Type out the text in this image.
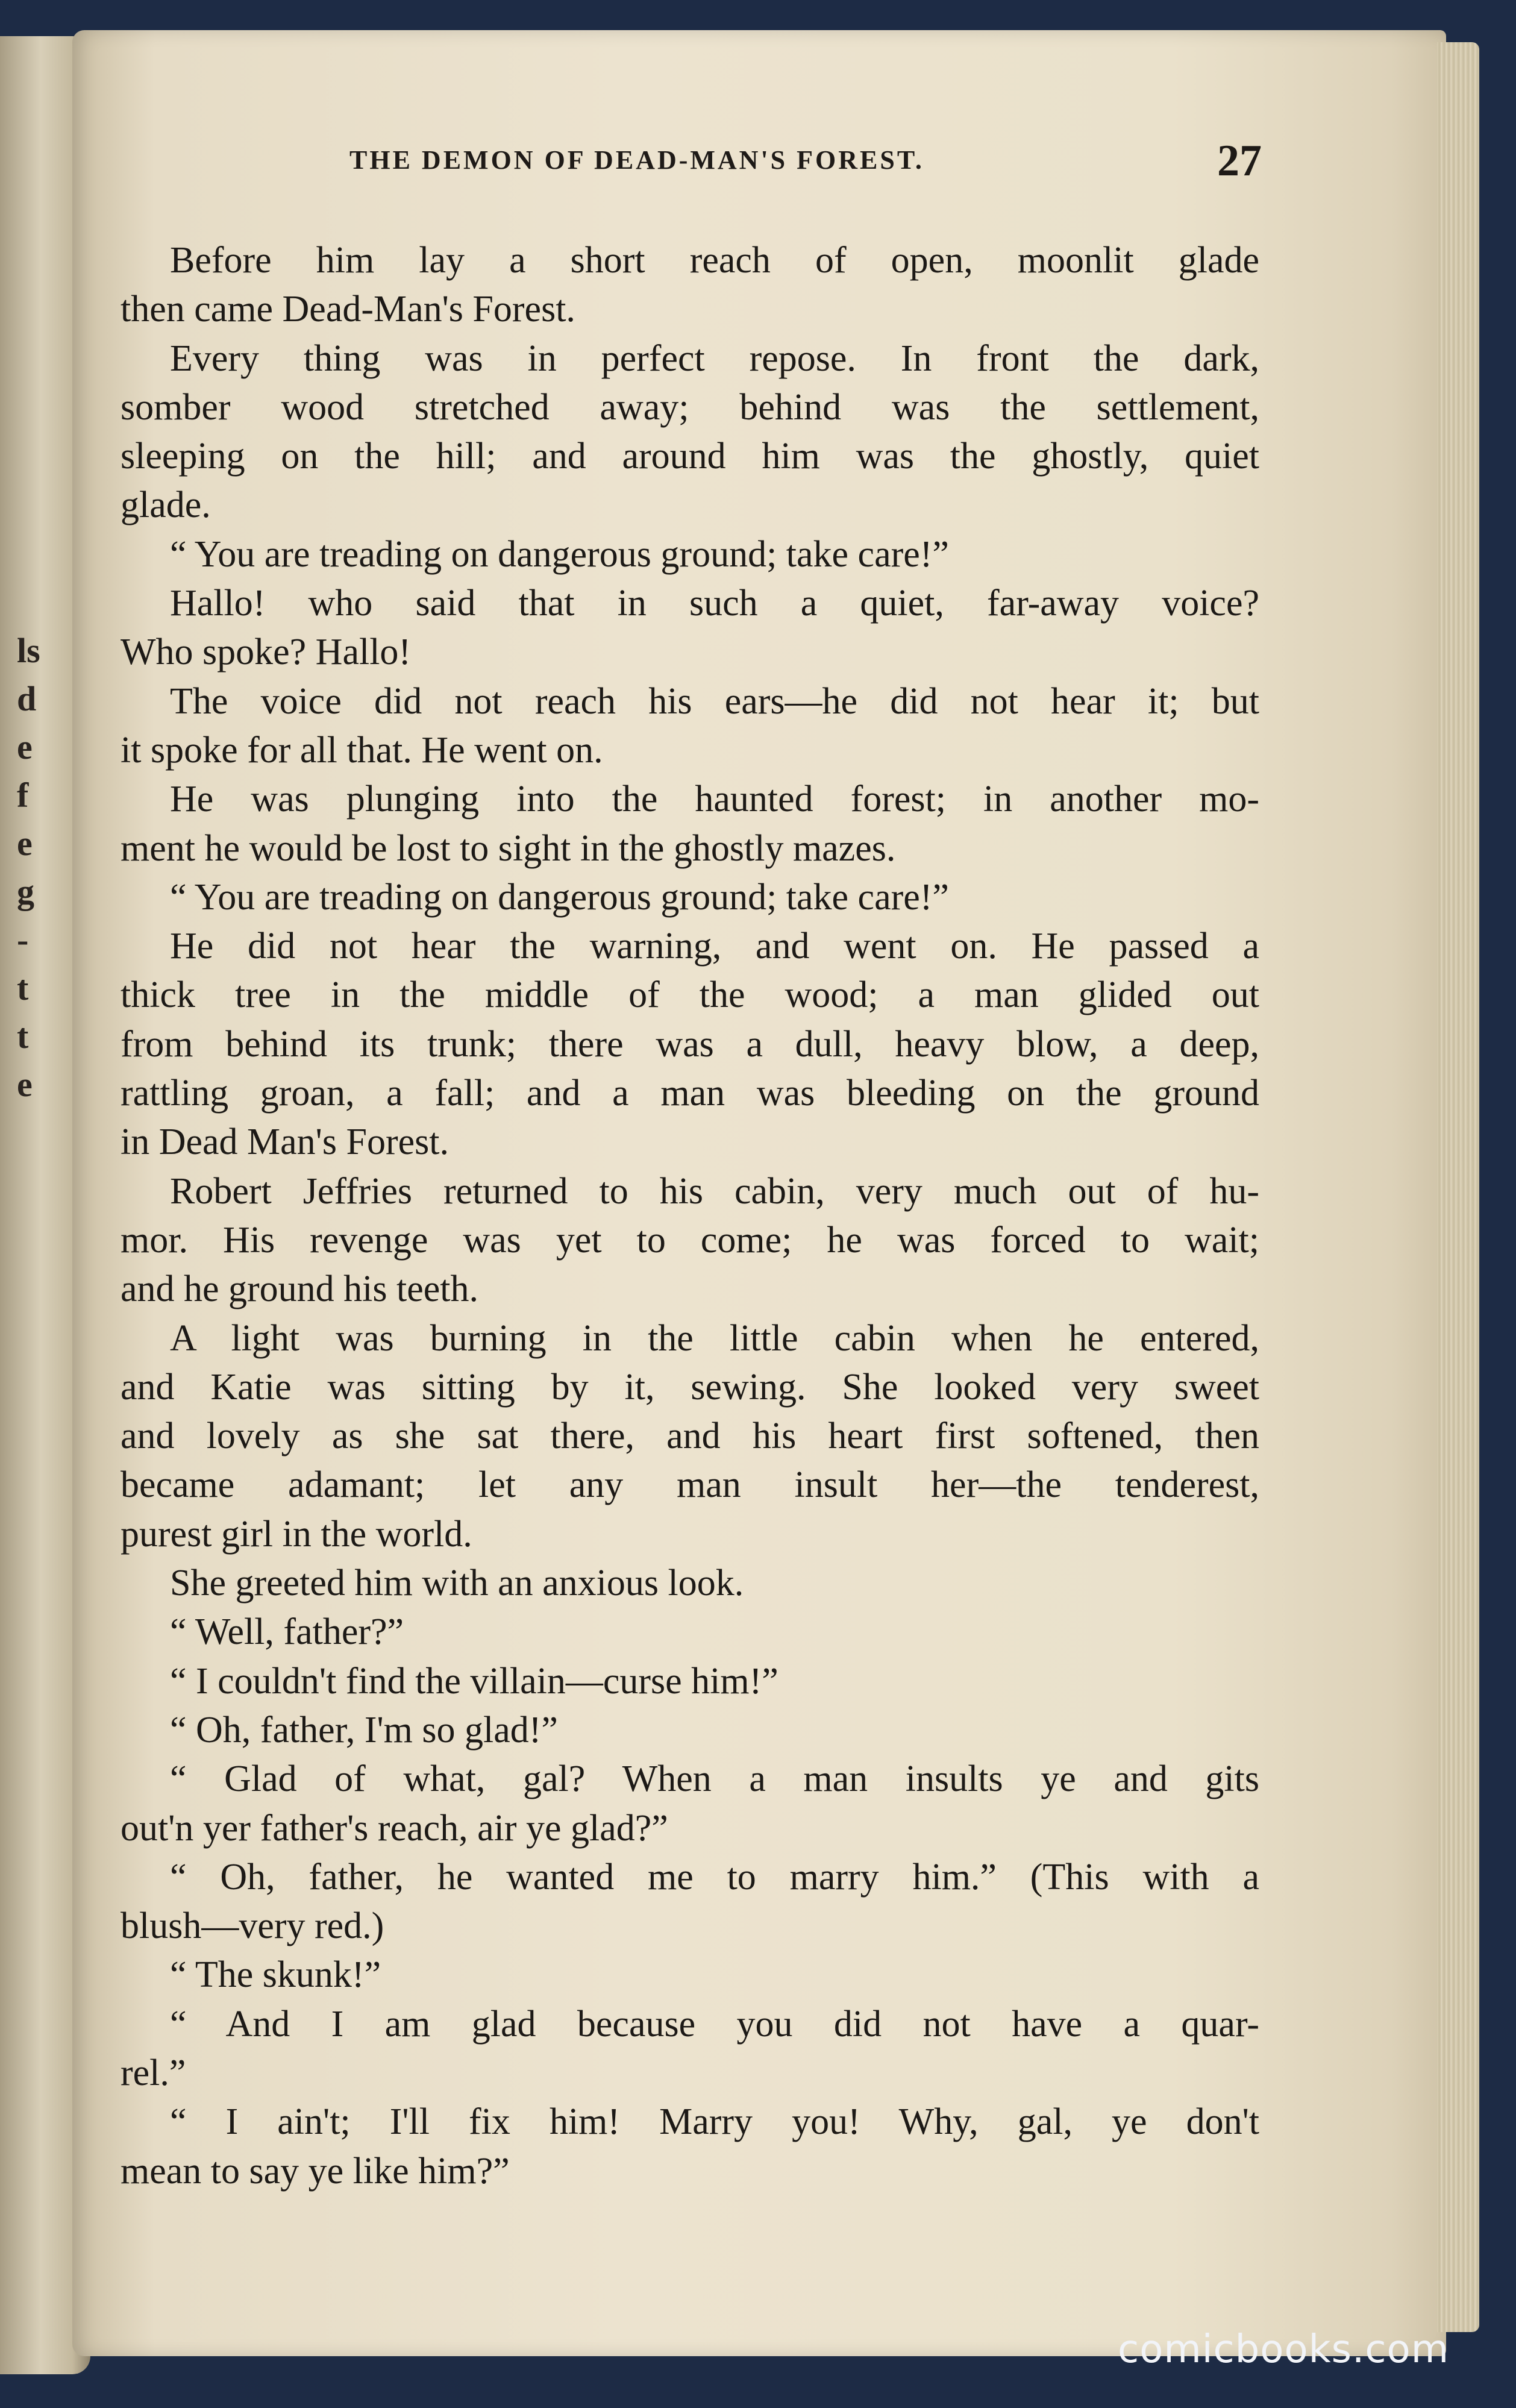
ls
d
e
f
e
g
-
t
t
e
THE DEMON OF DEAD-MAN'S FOREST.	27
Before him lay a short reach of open, moonlit glade
then came Dead-Man's Forest.
Every thing was in perfect repose. In front the dark,
somber wood stretched away; behind was the settlement,
sleeping on the hill; and around him was the ghostly, quiet
glade.
“ You are treading on dangerous ground; take care!”
Hallo! who said that in such a quiet, far-away voice?
Who spoke? Hallo!
The voice did not reach his ears—he did not hear it; but
it spoke for all that. He went on.
He was plunging into the haunted forest; in another mo-
ment he would be lost to sight in the ghostly mazes.
“ You are treading on dangerous ground; take care!”
He did not hear the warning, and went on. He passed a
thick tree in the middle of the wood; a man glided out
from behind its trunk; there was a dull, heavy blow, a deep,
rattling groan, a fall; and a man was bleeding on the ground
in Dead Man's Forest.
Robert Jeffries returned to his cabin, very much out of hu-
mor. His revenge was yet to come; he was forced to wait;
and he ground his teeth.
A light was burning in the little cabin when he entered,
and Katie was sitting by it, sewing. She looked very sweet
and lovely as she sat there, and his heart first softened, then
became adamant; let any man insult her—the tenderest,
purest girl in the world.
She greeted him with an anxious look.
“ Well, father?”
“ I couldn't find the villain—curse him!”
“ Oh, father, I'm so glad!”
“ Glad of what, gal? When a man insults ye and gits
out'n yer father's reach, air ye glad?”
“ Oh, father, he wanted me to marry him.” (This with a
blush—very red.)
“ The skunk!”
“ And I am glad because you did not have a quar-
rel.”
“ I ain't; I'll fix him! Marry you! Why, gal, ye don't
mean to say ye like him?”
comicbooks.com
